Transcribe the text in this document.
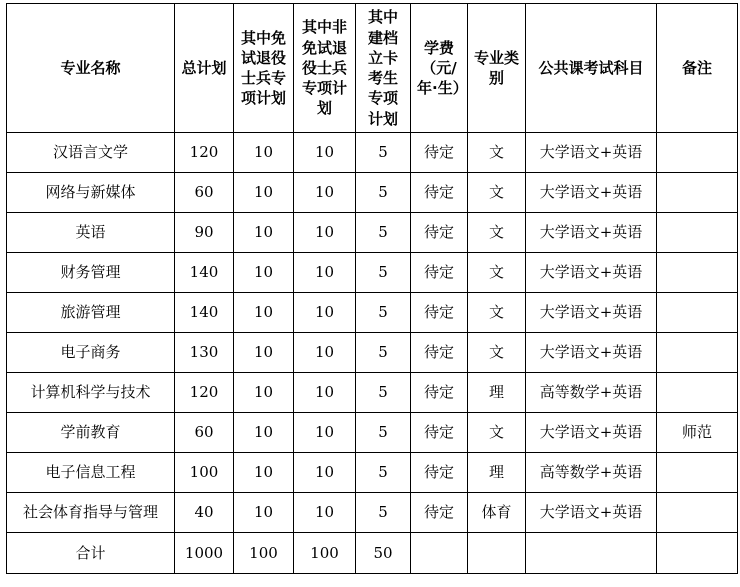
专业名称	总计划	其中免试退役士兵专项计划	其中非免试退役士兵专项计划	其中建档立卡考生专项计划	学费（元/年·生）	专业类别	公共课考试科目	备注
汉语言文学	120	10	10	5	待定	文	大学语文+英语	
网络与新媒体	60	10	10	5	待定	文	大学语文+英语	
英语	90	10	10	5	待定	文	大学语文+英语	
财务管理	140	10	10	5	待定	文	大学语文+英语	
旅游管理	140	10	10	5	待定	文	大学语文+英语	
电子商务	130	10	10	5	待定	文	大学语文+英语	
计算机科学与技术	120	10	10	5	待定	理	高等数学+英语	
学前教育	60	10	10	5	待定	文	大学语文+英语	师范
电子信息工程	100	10	10	5	待定	理	高等数学+英语	
社会体育指导与管理	40	10	10	5	待定	体育	大学语文+英语	
合计	1000	100	100	50				
